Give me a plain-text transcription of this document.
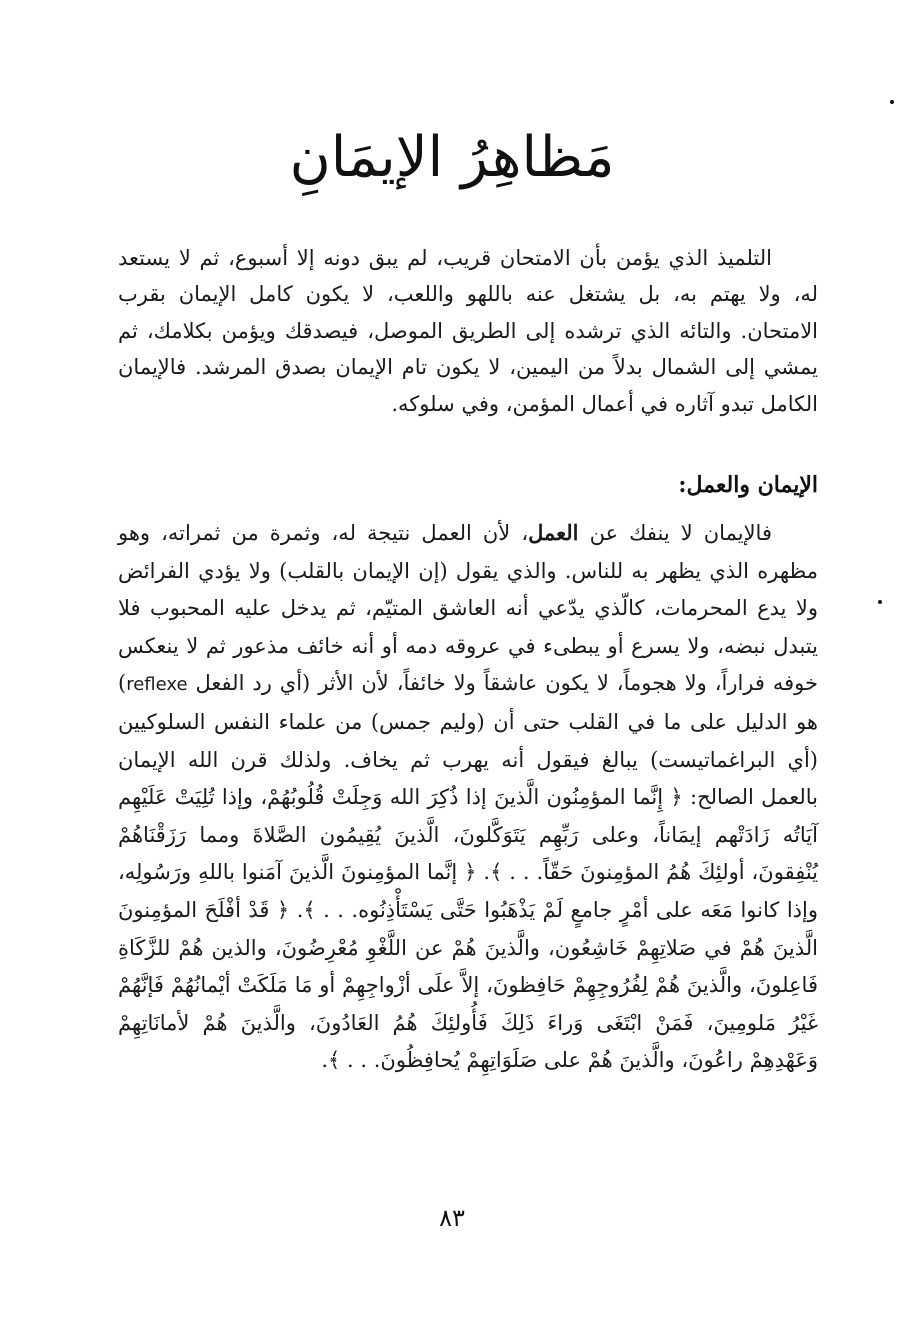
مَظاهِرُ الإيمَانِ

التلميذ الذي يؤمن بأن الامتحان قريب، لم يبق دونه إلا أسبوع، ثم لا يستعد له، ولا يهتم به، بل يشتغل عنه باللهو واللعب، لا يكون كامل الإيمان بقرب الامتحان. والتائه الذي ترشده إلى الطريق الموصل، فيصدقك ويؤمن بكلامك، ثم يمشي إلى الشمال بدلاً من اليمين، لا يكون تام الإيمان بصدق المرشد. فالإيمان الكامل تبدو آثاره في أعمال المؤمن، وفي سلوكه.

الإيمان والعمل:

فالإيمان لا ينفك عن العمل، لأن العمل نتيجة له، وثمرة من ثمراته، وهو مظهره الذي يظهر به للناس. والذي يقول (إن الإيمان بالقلب) ولا يؤدي الفرائض ولا يدع المحرمات، كالّذي يدّعي أنه العاشق المتيّم، ثم يدخل عليه المحبوب فلا يتبدل نبضه، ولا يسرع أو يبطىء في عروقه دمه أو أنه خائف مذعور ثم لا ينعكس خوفه فراراً، ولا هجوماً، لا يكون عاشقاً ولا خائفاً، لأن الأثر (أي رد الفعل reflexe) هو الدليل على ما في القلب حتى أن (وليم جمس) من علماء النفس السلوكيين (أي البراغماتيست) يبالغ فيقول أنه يهرب ثم يخاف. ولذلك قرن الله الإيمان بالعمل الصالح: ﴿ إِنَّما المؤمِنُون الَّذينَ إذا ذُكِرَ الله وَجِلَتْ قُلُوبُهُمْ، وإذا تُلِيَتْ عَلَيْهِم آيَاتُه زَادَتْهم إيمَاناً، وعلى رَبِّهِم يَتَوَكَّلونَ، الَّذينَ يُقِيمُون الصَّلاةَ ومما رَزَقْنَاهُمْ يُنْفِقونَ، أولئِكَ هُمُ المؤمِنونَ حَقّاً. . . ﴾. ﴿ إنَّما المؤمِنونَ الَّذينَ آمَنوا باللهِ ورَسُولِه، وإذا كانوا مَعَه على أمْرٍ جامعٍ لَمْ يَذْهَبُوا حَتَّى يَسْتَأْذِنُوه. . . ﴾. ﴿ قَدْ أفْلَحَ المؤمِنونَ الَّذينَ هُمْ في صَلاتِهِمْ خَاشِعُون، والَّذينَ هُمْ عن اللَّغْوِ مُعْرِضُونَ، والذين هُمْ للزَّكَاةِ فَاعِلونَ، والَّذينَ هُمْ لِفُرُوجِهِمْ حَافِظونَ، إلاَّ علَى أزْواجِهِمْ أو مَا مَلَكَتْ أيْمانُهُمْ فَإنَّهُمْ غَيْرُ مَلومِينَ، فَمَنْ ابْتَغَى وَراءَ ذَلِكَ فَأُولئِكَ هُمُ العَادُونَ، والَّذينَ هُمْ لأمانَاتِهِمْ وَعَهْدِهِمْ راعُونَ، والَّذينَ هُمْ على صَلَوَاتِهِمْ يُحافِظُونَ. . . ﴾.

٨٣
